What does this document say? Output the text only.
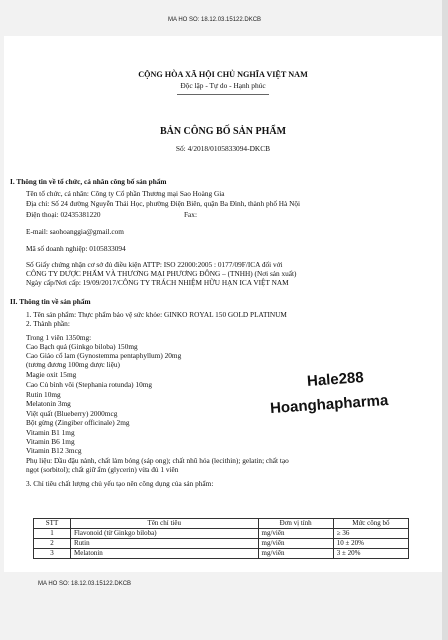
MA HO SO: 18.12.03.15122.DKCB
CỘNG HÒA XÃ HỘI CHỦ NGHĨA VIỆT NAM
Độc lập - Tự do - Hạnh phúc
BẢN CÔNG BỐ SẢN PHẨM
Số: 4/2018/0105833094-DKCB
I. Thông tin về tổ chức, cá nhân công bố sản phẩm
Tên tổ chức, cá nhân: Công ty Cổ phần Thương mại Sao Hoàng Gia
Địa chỉ: Số 24 đường Nguyễn Thái Học, phường Điện Biên, quận Ba Đình, thành phố Hà Nội
Điện thoại: 02435381220	Fax:
E-mail: saohoanggia@gmail.com
Mã số doanh nghiệp: 0105833094
Số Giấy chứng nhận cơ sở đủ điều kiện ATTP: ISO 22000:2005 : 0177/09F/ICA đối với
CÔNG TY DƯỢC PHẨM VÀ THƯƠNG MẠI PHƯƠNG ĐÔNG – (TNHH) (Nơi sản xuất)
Ngày cấp/Nơi cấp: 19/09/2017/CÔNG TY TRÁCH NHIỆM HỮU HẠN ICA VIỆT NAM
II. Thông tin về sản phẩm
1. Tên sản phẩm: Thực phẩm bảo vệ sức khỏe: GINKO ROYAL 150 GOLD PLATINUM
2. Thành phần:
Trong 1 viên 1350mg:
Cao Bạch quả (Ginkgo biloba) 150mg
Cao Giảo cổ lam (Gynostemma pentaphyllum) 20mg
(tương đương 100mg dược liệu)
Magie oxit 15mg
Cao Củ bình vôi (Stephania rotunda) 10mg
Rutin 10mg
Melatonin 3mg
Việt quất (Blueberry) 2000mcg
Bột gừng (Zingiber officinale) 2mg
Vitamin B1 1mg
Vitamin B6 1mg
Vitamin B12 3mcg
Phụ liệu: Dầu đậu nành, chất làm bóng (sáp ong); chất nhũ hóa (lecithin); gelatin; chất tạo
ngọt (sorbitol); chất giữ ẩm (glycerin) vừa đủ 1 viên
3. Chỉ tiêu chất lượng chủ yếu tạo nên công dụng của sản phẩm:
Hale288
Hoanghapharma
STT	Tên chỉ tiêu	Đơn vị tính	Mức công bố
1	Flavonoid (từ Ginkgo biloba)	mg/viên	≥ 36
2	Rutin	mg/viên	10 ± 20%
3	Melatonin	mg/viên	3 ± 20%
MA HO SO: 18.12.03.15122.DKCB
